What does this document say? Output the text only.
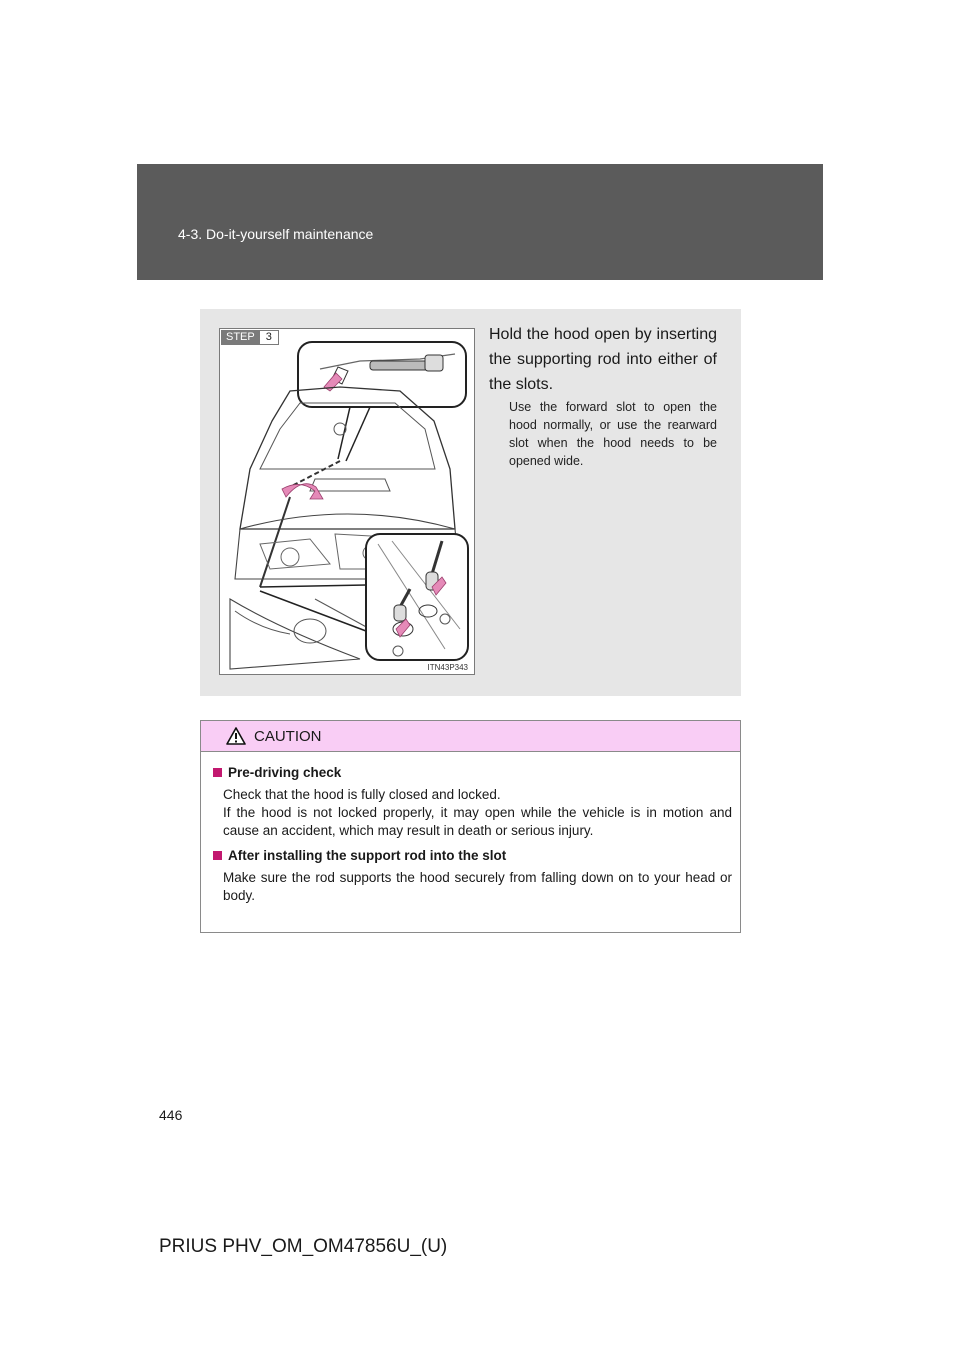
4-3. Do-it-yourself maintenance
STEP	3
ITN43P343
Hold the hood open by inserting the supporting rod into either of the slots.
Use the forward slot to open the hood normally, or use the rearward slot when the hood needs to be opened wide.
CAUTION
Pre-driving check

Check that the hood is fully closed and locked.
If the hood is not locked properly, it may open while the vehicle is in motion and cause an accident, which may result in death or serious injury.

After installing the support rod into the slot

Make sure the rod supports the hood securely from falling down on to your head or body.

446
PRIUS PHV_OM_OM47856U_(U)
